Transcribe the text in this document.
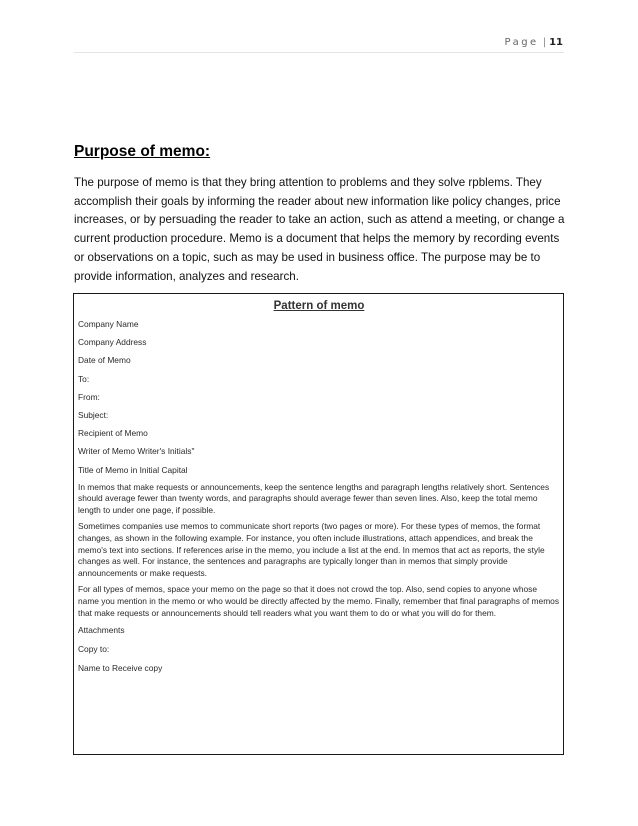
Page | 11
Purpose of memo:

The purpose of memo is that they bring attention to problems and they solve rpblems. They accomplish their goals by informing the reader about new information like policy changes, price increases, or by persuading the reader to take an action, such as attend a meeting, or change a current production procedure. Memo is a document that helps the memory by recording events or observations on a topic, such as may be used in business office. The purpose may be to provide information, analyzes and research.

Pattern of memo
Company Name
Company Address
Date of Memo
To:
From:
Subject:
Recipient of Memo
Writer of Memo Writer's Initials"
Title of Memo in Initial Capital

In memos that make requests or announcements, keep the sentence lengths and paragraph lengths relatively short. Sentences should average fewer than twenty words, and paragraphs should average fewer than seven lines. Also, keep the total memo length to under one page, if possible.

Sometimes companies use memos to communicate short reports (two pages or more). For these types of memos, the format changes, as shown in the following example. For instance, you often include illustrations, attach appendices, and break the memo's text into sections. If references arise in the memo, you include a list at the end. In memos that act as reports, the style changes as well. For instance, the sentences and paragraphs are typically longer than in memos that simply provide announcements or make requests.

For all types of memos, space your memo on the page so that it does not crowd the top. Also, send copies to anyone whose name you mention in the memo or who would be directly affected by the memo. Finally, remember that final paragraphs of memos that make requests or announcements should tell readers what you want them to do or what you will do for them.

Attachments
Copy to:
Name to Receive copy
